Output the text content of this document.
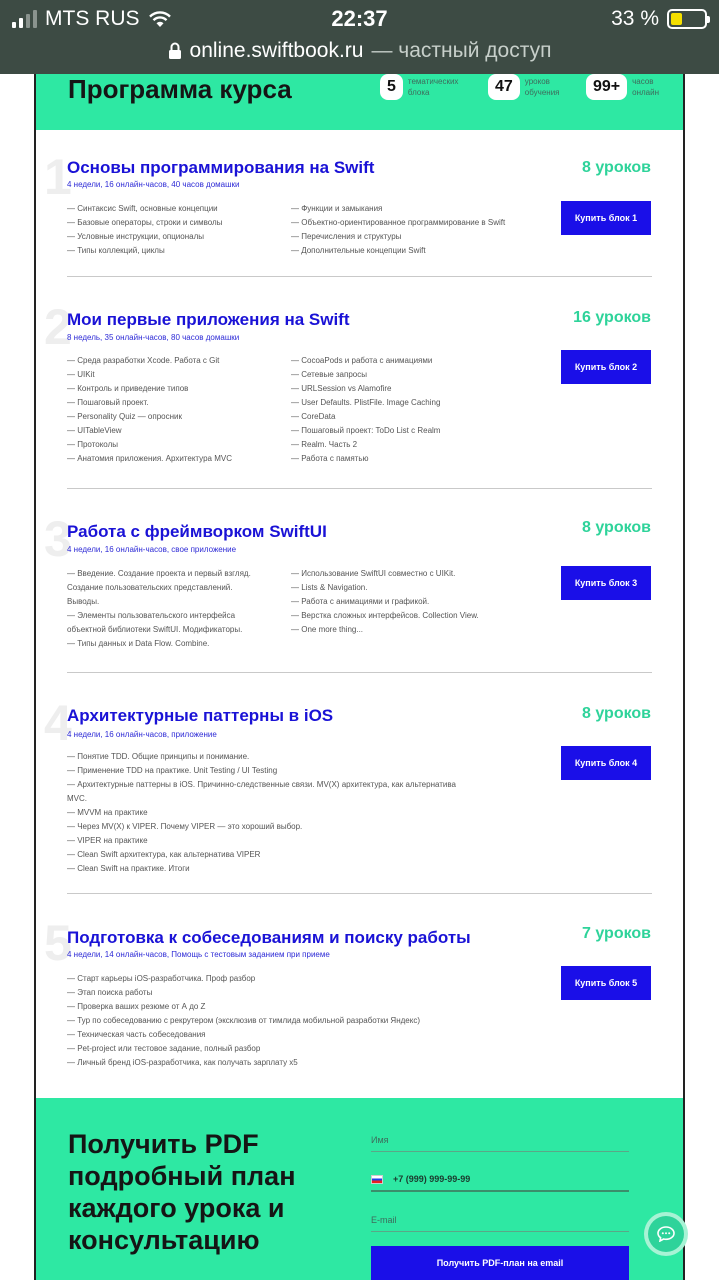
MTS RUS	22:37	33 %
online.swiftbook.ru — частный доступ
Программа курса	5	тематических
блока	47	уроков
обучения	99+	часов
онлайн
1
Основы программирования на Swift
4 недели, 16 онлайн-часов, 40 часов домашки
8 уроков
Купить блок 1
— Синтаксис Swift, основные концепции
— Базовые операторы, строки и символы
— Условные инструкции, опционалы
— Типы коллекций, циклы
— Функции и замыкания
— Объектно-ориентированное программирование в Swift
— Перечисления и структуры
— Дополнительные концепции Swift
2
Мои первые приложения на Swift
8 недель, 35 онлайн-часов, 80 часов домашки
16 уроков
Купить блок 2
— Среда разработки Xcode. Работа с Git
— UIKit
— Контроль и приведение типов
— Пошаговый проект.
— Personality Quiz — опросник
— UITableView
— Протоколы
— Анатомия приложения. Архитектура MVC
— CocoaPods и работа с анимациями
— Сетевые запросы
— URLSession vs Alamofire
— User Defaults. PlistFile. Image Caching
— CoreData
— Пошаговый проект: ToDo List с Realm
— Realm. Часть 2
— Работа с памятью
3
Работа с фреймворком SwiftUI
4 недели, 16 онлайн-часов, свое приложение
8 уроков
Купить блок 3
— Введение. Создание проекта и первый взгляд.
Создание пользовательских представлений.
Выводы.
— Элементы пользовательского интерфейса
объектной библиотеки SwiftUI. Модификаторы.
— Типы данных и Data Flow. Combine.
— Использование SwiftUI совместно с UIKit.
— Lists & Navigation.
— Работа с анимациями и графикой.
— Верстка сложных интерфейсов. Collection View.
— One more thing...
4
Архитектурные паттерны в iOS
4 недели, 16 онлайн-часов, приложение
8 уроков
Купить блок 4
— Понятие TDD. Общие принципы и понимание.
— Применение TDD на практике. Unit Testing / UI Testing
— Архитектурные паттерны в iOS. Причинно-следственные связи. MV(X) архитектура, как альтернатива
MVC.
— MVVM на практике
— Через MV(X) к VIPER. Почему VIPER — это хороший выбор.
— VIPER на практике
— Clean Swift архитектура, как альтернатива VIPER
— Clean Swift на практике. Итоги
5
Подготовка к собеседованиям и поиску работы
4 недели, 14 онлайн-часов, Помощь с тестовым заданием при приеме
7 уроков
Купить блок 5
— Старт карьеры iOS-разработчика. Проф разбор
— Этап поиска работы
— Проверка ваших резюме от А до Z
— Тур по собеседованию с рекрутером (эксклюзив от тимлида мобильной разработки Яндекс)
— Техническая часть собеседования
— Pet-project или тестовое задание, полный разбор
— Личный бренд iOS-разработчика, как получать зарплату х5
Получить PDF подробный план каждого урока и консультацию
Имя
+7 (999) 999-99-99
E-mail
Получить PDF-план на email
